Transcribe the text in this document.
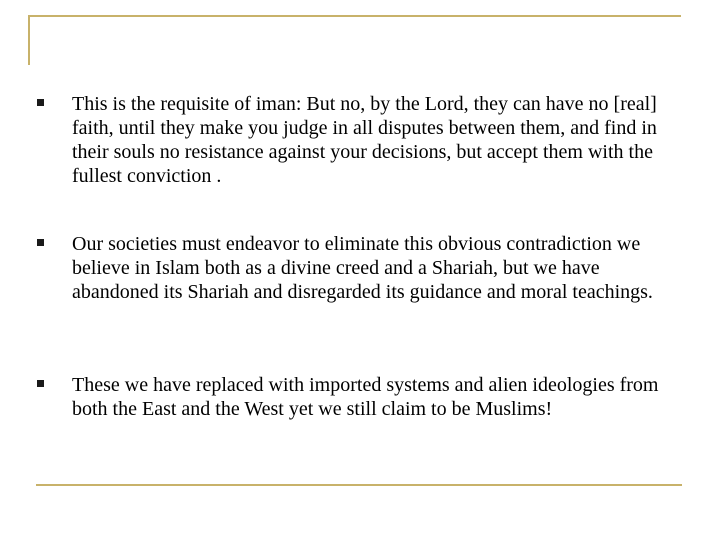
This is the requisite of iman: But no, by the Lord, they can have no [real] faith, until they make you judge in all disputes between them, and find in their souls no resistance against your decisions, but accept them with the fullest conviction .
Our societies must endeavor to eliminate this obvious contradiction we believe in Islam both as a divine creed and a Shariah, but we have abandoned its Shariah and disregarded its guidance and moral teachings.
These we have replaced with imported systems and alien ideologies from both the East and the West yet we still claim to be Muslims!
